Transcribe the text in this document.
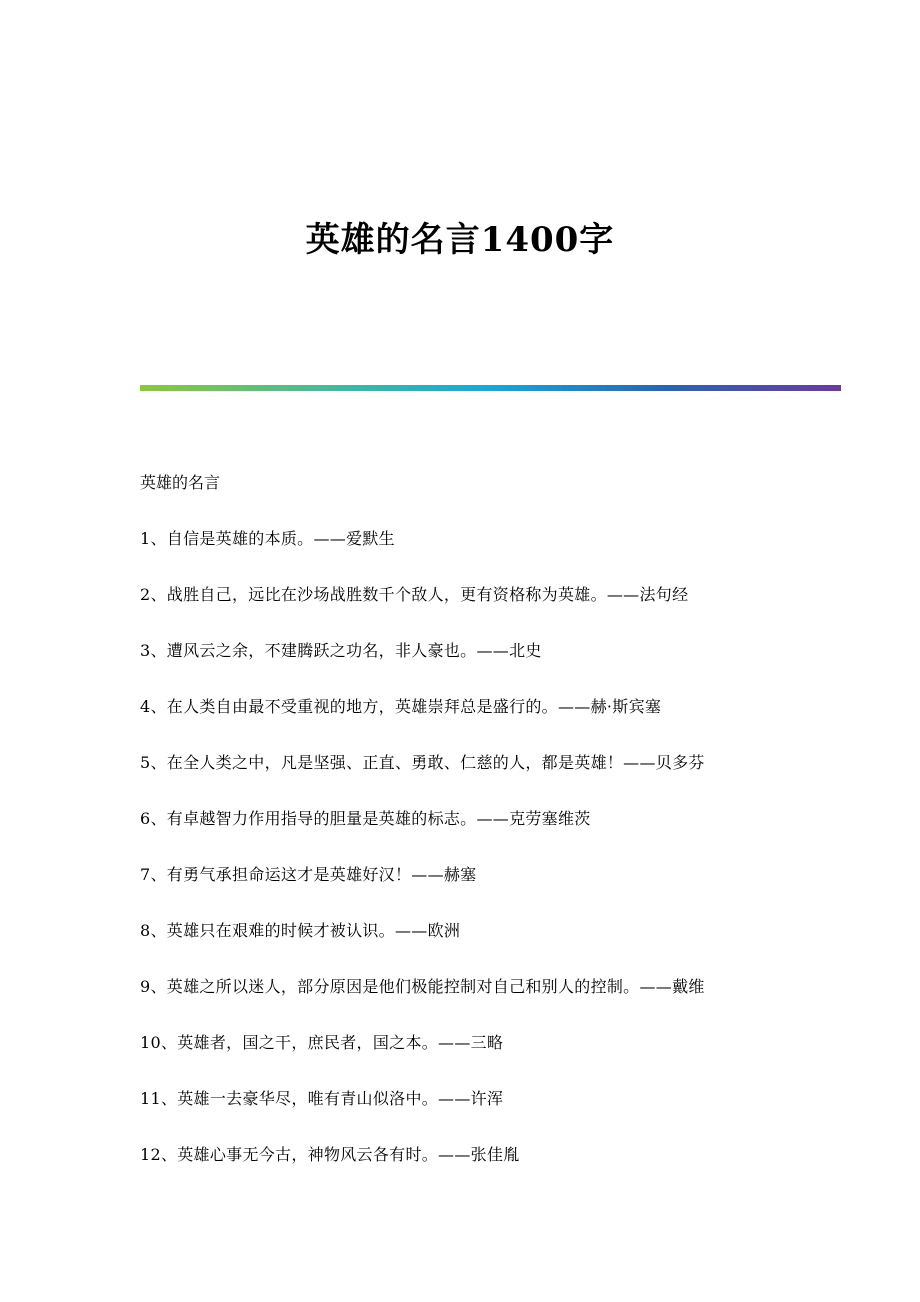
英雄的名言1400字
英雄的名言
1、自信是英雄的本质。——爱默生
2、战胜自己，远比在沙场战胜数千个敌人，更有资格称为英雄。——法句经
3、遭风云之余，不建腾跃之功名，非人豪也。——北史
4、在人类自由最不受重视的地方，英雄崇拜总是盛行的。——赫·斯宾塞
5、在全人类之中，凡是坚强、正直、勇敢、仁慈的人，都是英雄！——贝多芬
6、有卓越智力作用指导的胆量是英雄的标志。——克劳塞维茨
7、有勇气承担命运这才是英雄好汉！——赫塞
8、英雄只在艰难的时候才被认识。——欧洲
9、英雄之所以迷人，部分原因是他们极能控制对自己和别人的控制。——戴维
10、英雄者，国之干，庶民者，国之本。——三略
11、英雄一去豪华尽，唯有青山似洛中。——许浑
12、英雄心事无今古，神物风云各有时。——张佳胤
